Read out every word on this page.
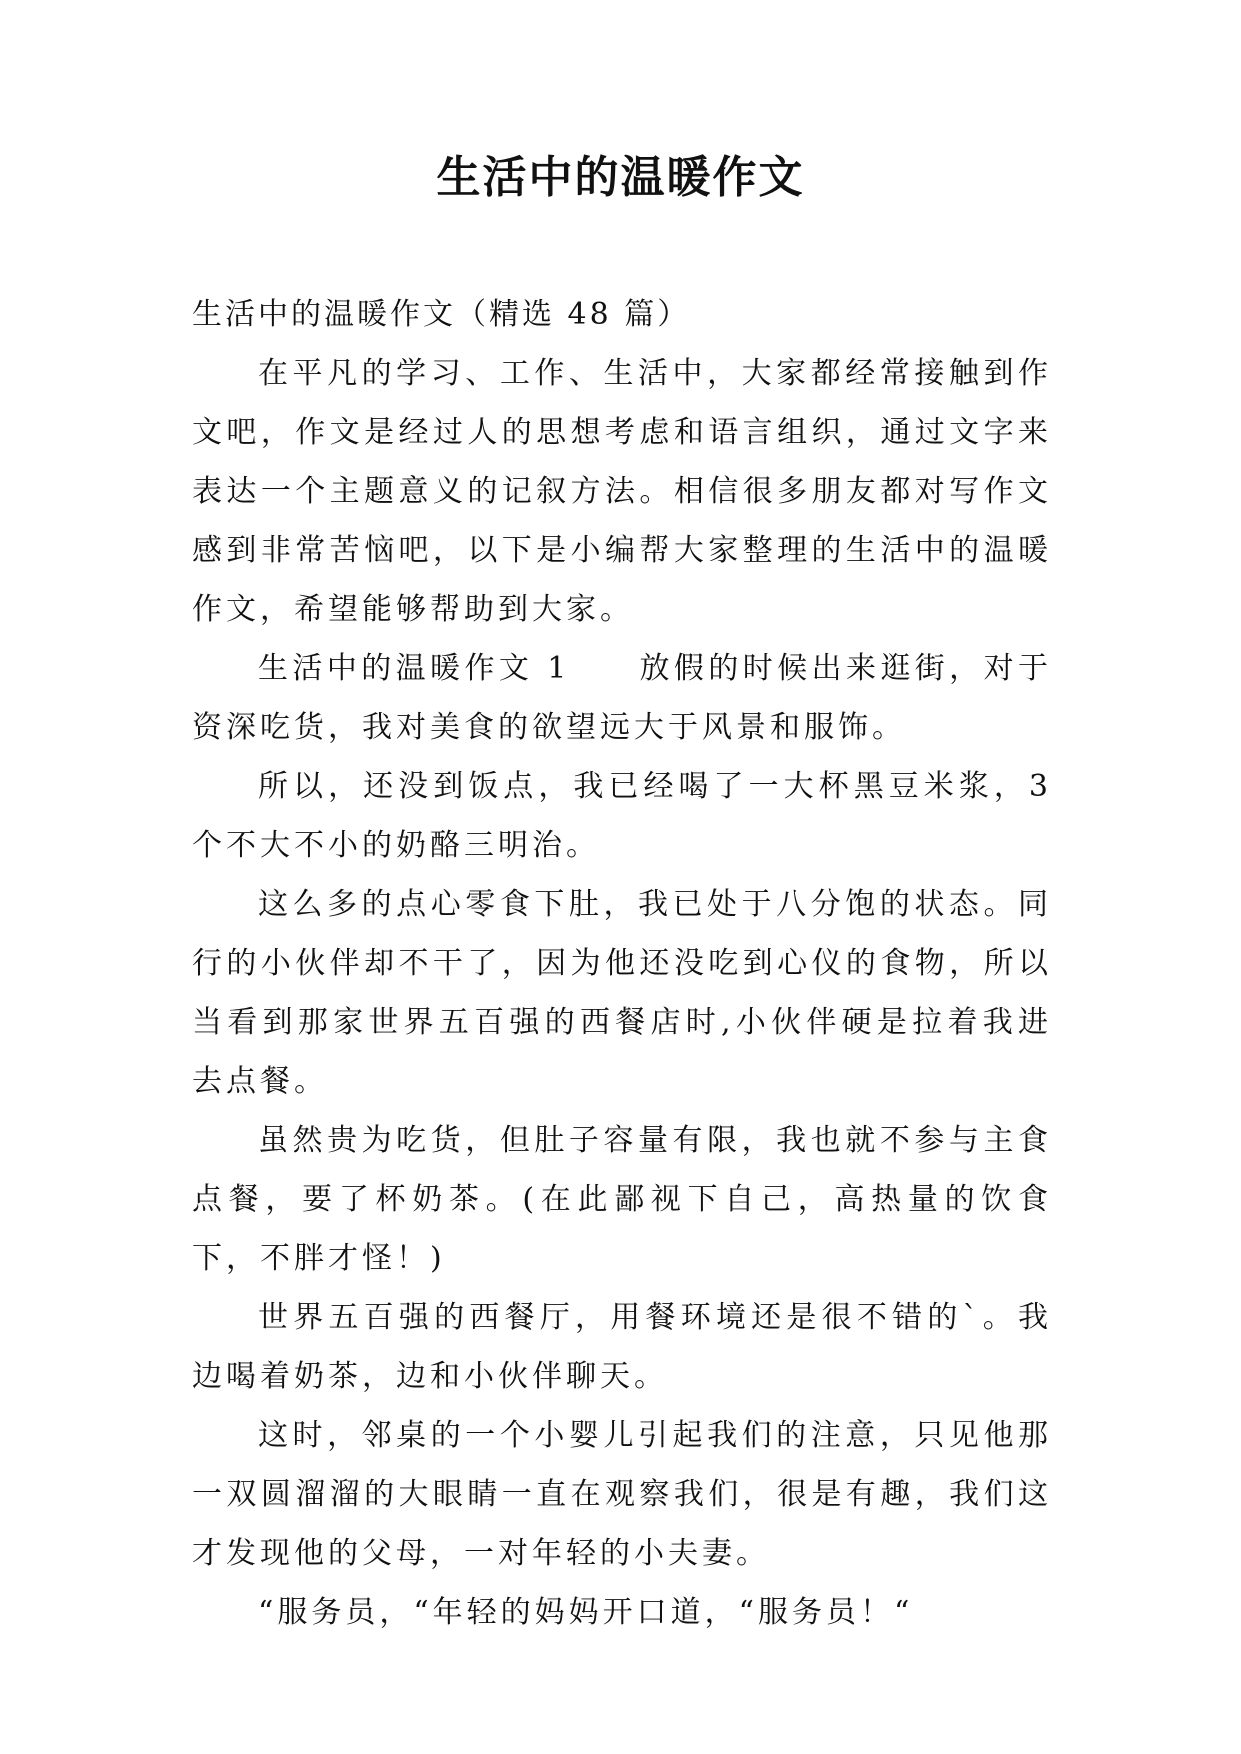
生活中的温暖作文

生活中的温暖作文（精选 48 篇）

在平凡的学习、工作、生活中，大家都经常接触到作文吧，作文是经过人的思想考虑和语言组织，通过文字来表达一个主题意义的记叙方法。相信很多朋友都对写作文感到非常苦恼吧，以下是小编帮大家整理的生活中的温暖作文，希望能够帮助到大家。

生活中的温暖作文 1　　放假的时候出来逛街，对于资深吃货，我对美食的欲望远大于风景和服饰。

所以，还没到饭点，我已经喝了一大杯黑豆米浆，3 个不大不小的奶酪三明治。

这么多的点心零食下肚，我已处于八分饱的状态。同行的小伙伴却不干了，因为他还没吃到心仪的食物，所以当看到那家世界五百强的西餐店时,小伙伴硬是拉着我进去点餐。

虽然贵为吃货，但肚子容量有限，我也就不参与主食点餐，要了杯奶茶。(在此鄙视下自己，高热量的饮食下，不胖才怪！)

世界五百强的西餐厅，用餐环境还是很不错的`。我边喝着奶茶，边和小伙伴聊天。

这时，邻桌的一个小婴儿引起我们的注意，只见他那一双圆溜溜的大眼睛一直在观察我们，很是有趣，我们这才发现他的父母，一对年轻的小夫妻。

“服务员，“年轻的妈妈开口道，“服务员！“
